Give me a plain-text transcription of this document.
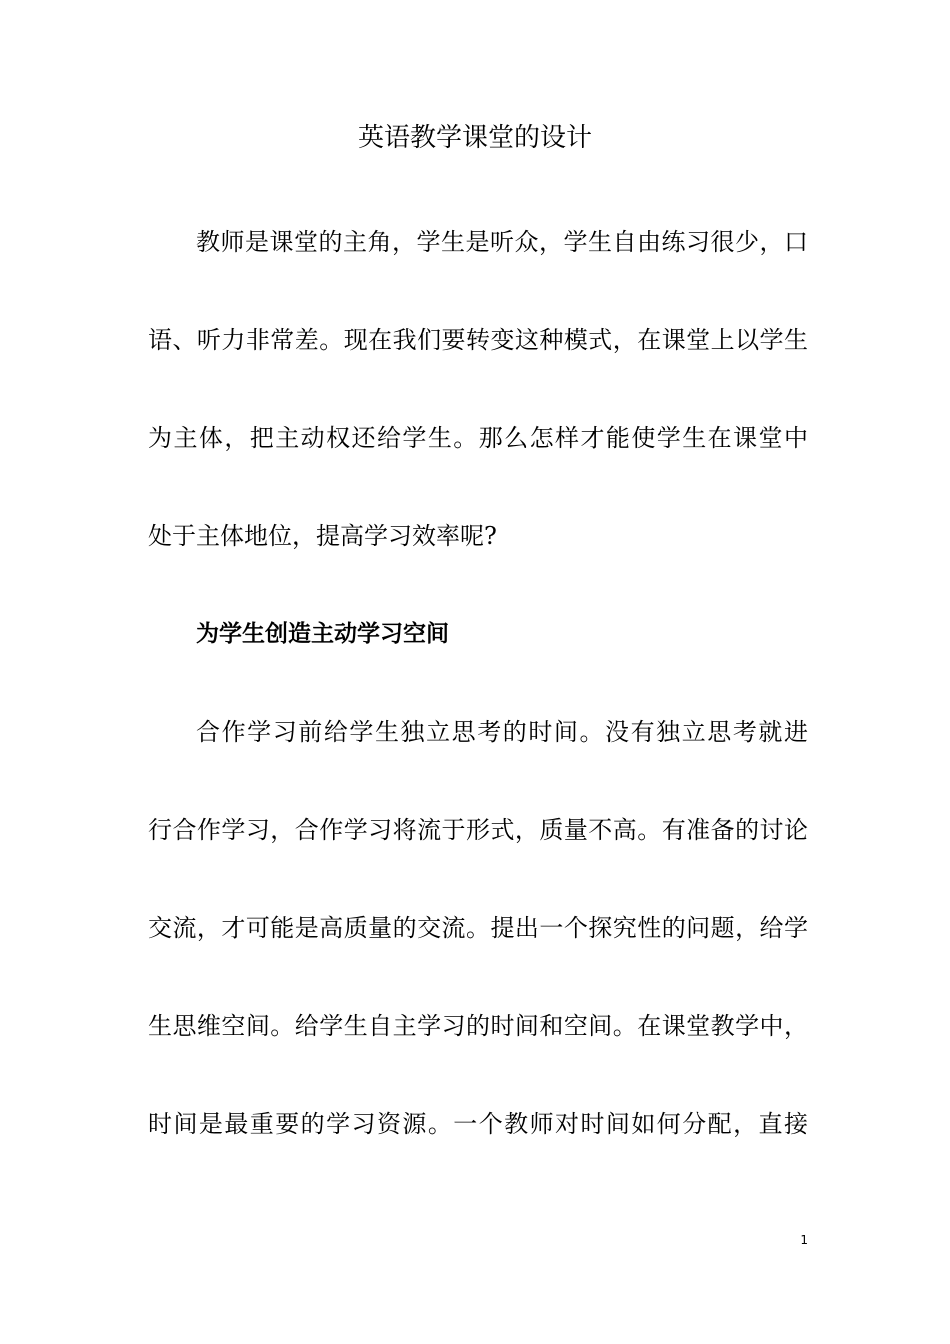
英语教学课堂的设计
教师是课堂的主角，学生是听众，学生自由练习很少，口
语、听力非常差。现在我们要转变这种模式，在课堂上以学生
为主体，把主动权还给学生。那么怎样才能使学生在课堂中
处于主体地位，提高学习效率呢?
为学生创造主动学习空间
合作学习前给学生独立思考的时间。没有独立思考就进
行合作学习，合作学习将流于形式，质量不高。有准备的讨论
交流，才可能是高质量的交流。提出一个探究性的问题，给学
生思维空间。给学生自主学习的时间和空间。在课堂教学中，
时间是最重要的学习资源。一个教师对时间如何分配，直接
1
